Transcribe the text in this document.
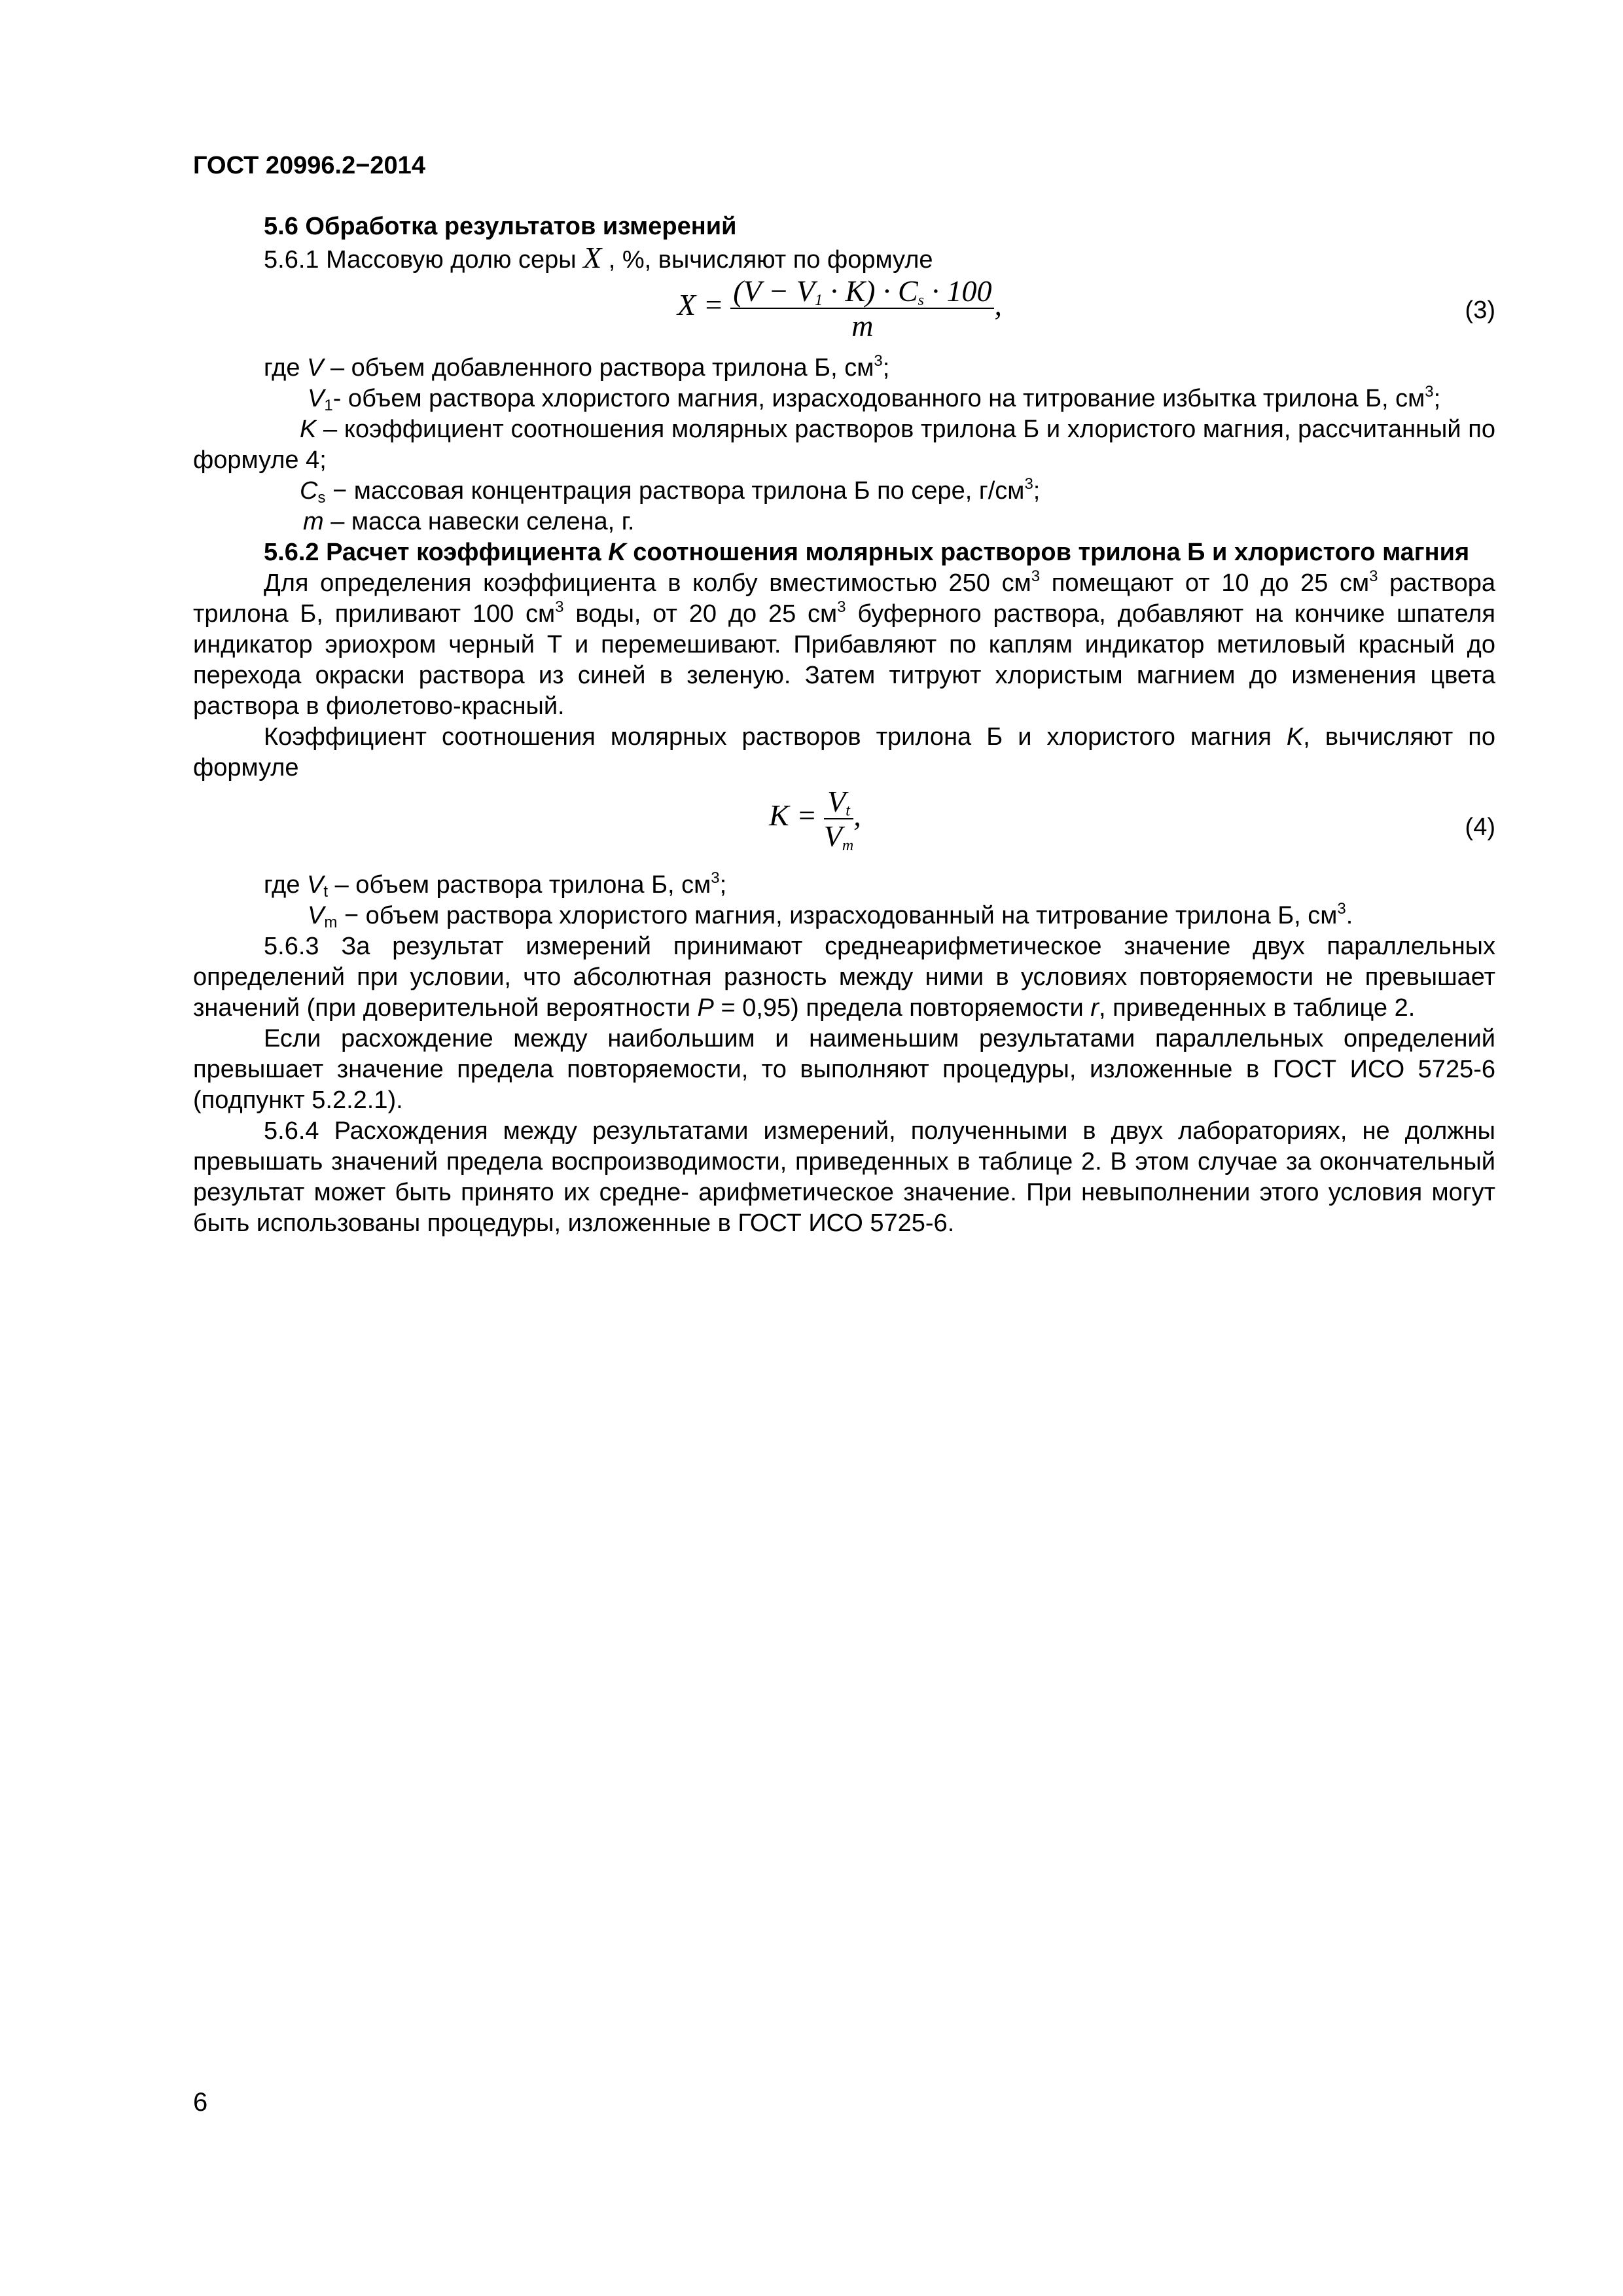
ГОСТ 20996.2−2014

5.6 Обработка результатов измерений

5.6.1 Массовую долю серы X , %, вычисляют по формуле

$X = \frac{(V - V_1 \cdot K) \cdot C_s \cdot 100}{m}$ ,	(3)

где V – объем добавленного раствора трилона Б, $см^3$;

$V_1-$ объем раствора хлористого магния, израсходованного на титрование избытка трилона Б, $см^3$;

K – коэффициент соотношения молярных растворов трилона Б и хлористого магния, рассчитанный по формуле 4;

$C_s$ − массовая концентрация раствора трилона Б по сере, $г/см^3$;

m – масса навески селена, г.

5.6.2 Расчет коэффициента K соотношения молярных растворов трилона Б и хлористого магния

Для определения коэффициента в колбу вместимостью 250 $см^3$ помещают от 10 до 25 $см^3$ раствора трилона Б, приливают 100 $см^3$ воды, от 20 до 25 $см^3$ буферного раствора, добавляют на кончике шпателя индикатор эриохром черный Т и перемешивают. Прибавляют по каплям индикатор метиловый красный до перехода окраски раствора из синей в зеленую. Затем титруют хлористым магнием до изменения цвета раствора в фиолетово-красный.

Коэффициент соотношения молярных растворов трилона Б и хлористого магния K, вычисляют по формуле

$K = \frac{V_t}{V_m}$ ,	(4)

где $V_t$ – объем раствора трилона Б, $см^3$;

$V_m$ − объем раствора хлористого магния, израсходованный на титрование трилона Б, $см^3$.

5.6.3 За результат измерений принимают среднеарифметическое значение двух параллельных определений при условии, что абсолютная разность между ними в условиях повторяемости не превышает значений (при доверительной вероятности P = 0,95) предела повторяемости r, приведенных в таблице 2.

Если расхождение между наибольшим и наименьшим результатами параллельных определений превышает значение предела повторяемости, то выполняют процедуры, изложенные в ГОСТ ИСО 5725-6 (подпункт 5.2.2.1).

5.6.4 Расхождения между результатами измерений, полученными в двух лабораториях, не должны превышать значений предела воспроизводимости, приведенных в таблице 2. В этом случае за окончательный результат может быть принято их средне- арифметическое значение. При невыполнении этого условия могут быть использованы процедуры, изложенные в ГОСТ ИСО 5725-6.

6
